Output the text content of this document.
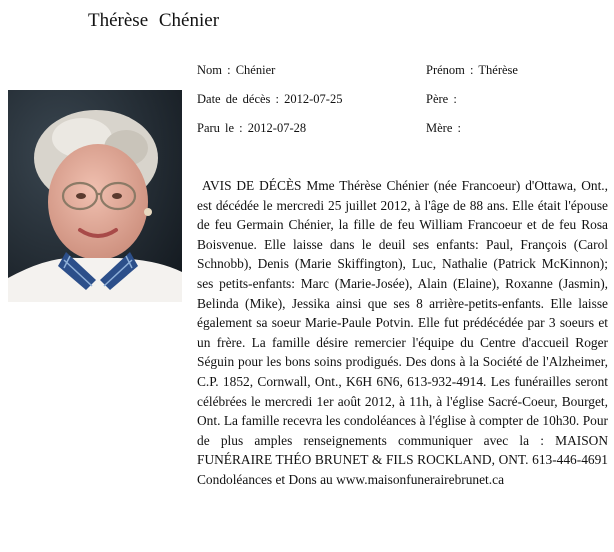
Thérèse Chénier
Nom : Chénier	Prénom : Thérèse
Date de décès : 2012-07-25	Père :
Paru le : 2012-07-28	Mère :

AVIS DE DÉCÈS Mme Thérèse Chénier (née Francoeur) d'Ottawa, Ont., est décédée le mercredi 25 juillet 2012, à l'âge de 88 ans. Elle était l'épouse de feu Germain Chénier, la fille de feu William Francoeur et de feu Rosa Boisvenue. Elle laisse dans le deuil ses enfants: Paul, François (Carol Schnobb), Denis (Marie Skiffington), Luc, Nathalie (Patrick McKinnon); ses petits-enfants: Marc (Marie-Josée), Alain (Elaine), Roxanne (Jasmin), Belinda (Mike), Jessika ainsi que ses 8 arrière-petits-enfants. Elle laisse également sa soeur Marie-Paule Potvin. Elle fut prédécédée par 3 soeurs et un frère. La famille désire remercier l'équipe du Centre d'accueil Roger Séguin pour les bons soins prodigués. Des dons à la Société de l'Alzheimer, C.P. 1852, Cornwall, Ont., K6H 6N6, 613-932-4914. Les funérailles seront célébrées le mercredi 1er août 2012, à 11h, à l'église Sacré-Coeur, Bourget, Ont. La famille recevra les condoléances à l'église à compter de 10h30. Pour de plus amples renseignements communiquer avec la : MAISON FUNÉRAIRE THÉO BRUNET & FILS ROCKLAND, ONT. 613-446-4691 Condoléances et Dons au www.maisonfunerairebrunet.ca
